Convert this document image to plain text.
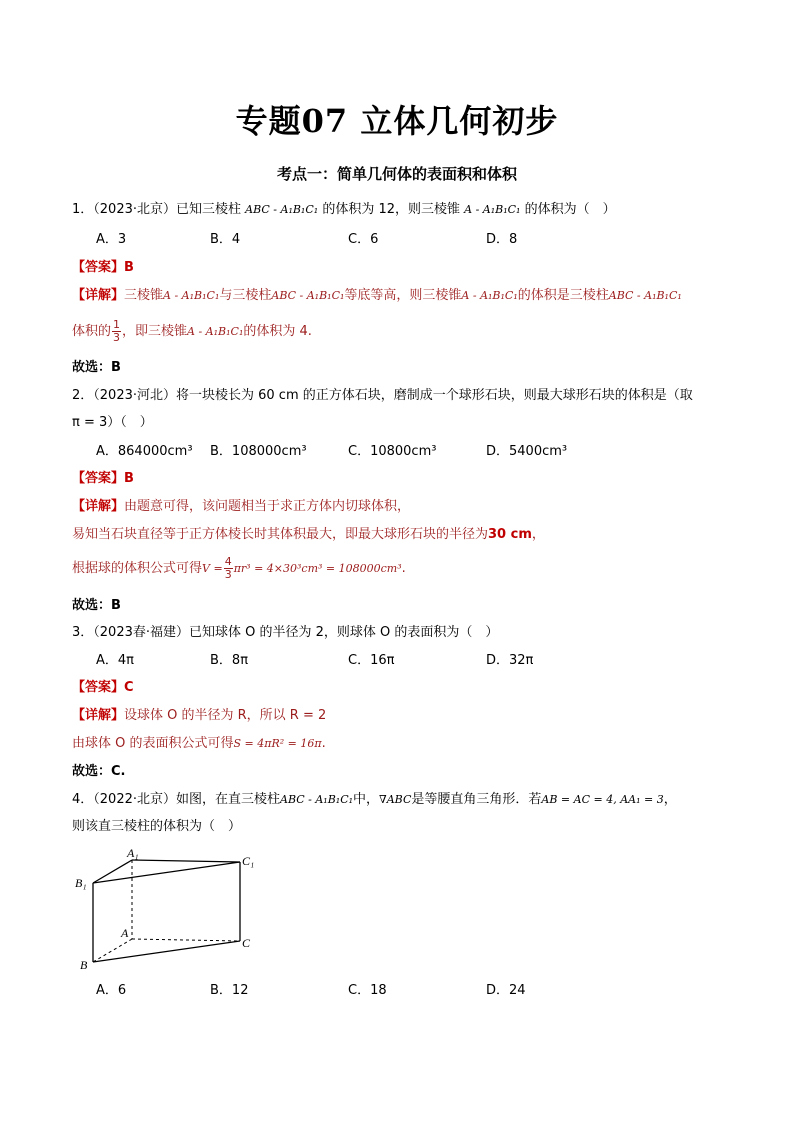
专题07 立体几何初步
考点一：简单几何体的表面积和体积
1．（2023·北京）已知三棱柱 ABC - A₁B₁C₁ 的体积为 12，则三棱锥 A - A₁B₁C₁ 的体积为（　）
A．3	B．4	C．6	D．8
【答案】B
【详解】三棱锥A - A₁B₁C₁与三棱柱ABC - A₁B₁C₁等底等高，则三棱锥A - A₁B₁C₁的体积是三棱柱ABC - A₁B₁C₁
体积的 $\frac{1}{3}$ ，即三棱锥A - A₁B₁C₁的体积为 4.
故选：B
2．（2023·河北）将一块棱长为 60 cm 的正方体石块，磨制成一个球形石块，则最大球形石块的体积是（取
π = 3）（　）
A．864000cm³ B．108000cm³	C．10800cm³	D．5400cm³
【答案】B
【详解】由题意可得，该问题相当于求正方体内切球体积，
易知当石块直径等于正方体棱长时其体积最大，即最大球形石块的半径为30 cm，
根据球的体积公式可得$V = \frac{4}{3} \pi r^3 = 4\times 30^3cm^3 = 108000cm^3$.
故选：B
3．（2023春·福建）已知球体 O 的半径为 2，则球体 O 的表面积为（　）
A．4π	B．8π	C．16π	D．32π
【答案】C
【详解】设球体 O 的半径为 R，所以 R = 2
由球体 O 的表面积公式可得S = 4πR² = 16π.
故选：C.
4．（2022·北京）如图，在直三棱柱ABC - A₁B₁C₁中，∇ABC是等腰直角三角形．若AB = AC = 4, AA₁ = 3，
则该直三棱柱的体积为（　）
A₁
C₁
B₁
A
C
B
A．6	B．12	C．18	D．24
